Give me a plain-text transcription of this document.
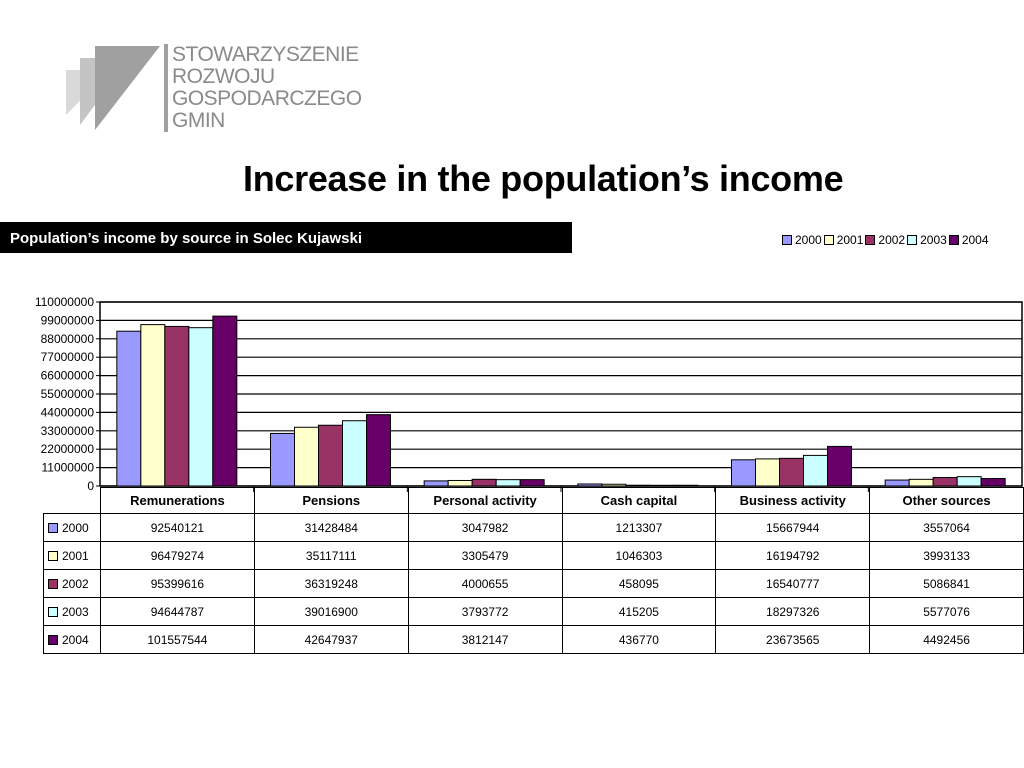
STOWARZYSZENIE
ROZWOJU
GOSPODARCZEGO
GMIN
Increase in the population’s income
Population’s income by source in Solec Kujawski	2000 2001 2002 2003 2004
0
11000000
22000000
33000000
44000000
55000000
66000000
77000000
88000000
99000000
110000000
	Remunerations	Pensions	Personal activity	Cash capital	Business activity	Other sources
2000	92540121	31428484	3047982	1213307	15667944	3557064
2001	96479274	35117111	3305479	1046303	16194792	3993133
2002	95399616	36319248	4000655	458095	16540777	5086841
2003	94644787	39016900	3793772	415205	18297326	5577076
2004	101557544	42647937	3812147	436770	23673565	4492456
